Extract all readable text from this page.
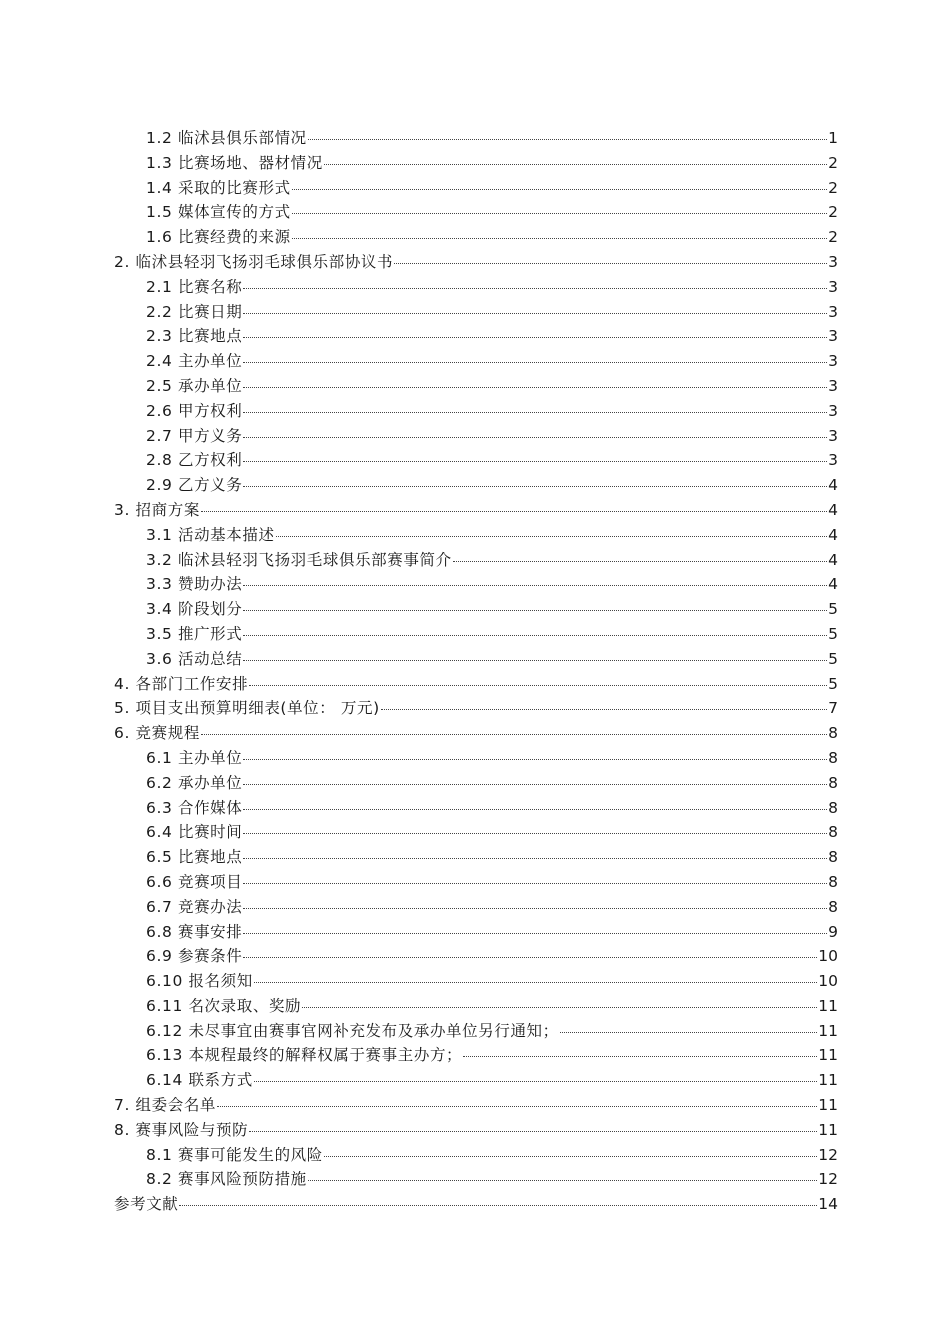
1.2 临沭县俱乐部情况	1
1.3 比赛场地、器材情况	2
1.4 采取的比赛形式	2
1.5 媒体宣传的方式	2
1.6 比赛经费的来源	2
2. 临沭县轻羽飞扬羽毛球俱乐部协议书	3
2.1 比赛名称	3
2.2 比赛日期	3
2.3 比赛地点	3
2.4 主办单位	3
2.5 承办单位	3
2.6 甲方权利	3
2.7 甲方义务	3
2.8 乙方权利	3
2.9 乙方义务	4
3. 招商方案	4
3.1 活动基本描述	4
3.2 临沭县轻羽飞扬羽毛球俱乐部赛事简介	4
3.3 赞助办法	4
3.4 阶段划分	5
3.5 推广形式	5
3.6 活动总结	5
4. 各部门工作安排	5
5. 项目支出预算明细表(单位： 万元)	7
6. 竞赛规程	8
6.1 主办单位	8
6.2 承办单位	8
6.3 合作媒体	8
6.4 比赛时间	8
6.5 比赛地点	8
6.6 竞赛项目	8
6.7 竞赛办法	8
6.8 赛事安排	9
6.9 参赛条件	10
6.10 报名须知	10
6.11 名次录取、奖励	11
6.12 未尽事宜由赛事官网补充发布及承办单位另行通知；	11
6.13 本规程最终的解释权属于赛事主办方；	11
6.14 联系方式	11
7. 组委会名单	11
8. 赛事风险与预防	11
8.1 赛事可能发生的风险	12
8.2 赛事风险预防措施	12
参考文献	14
